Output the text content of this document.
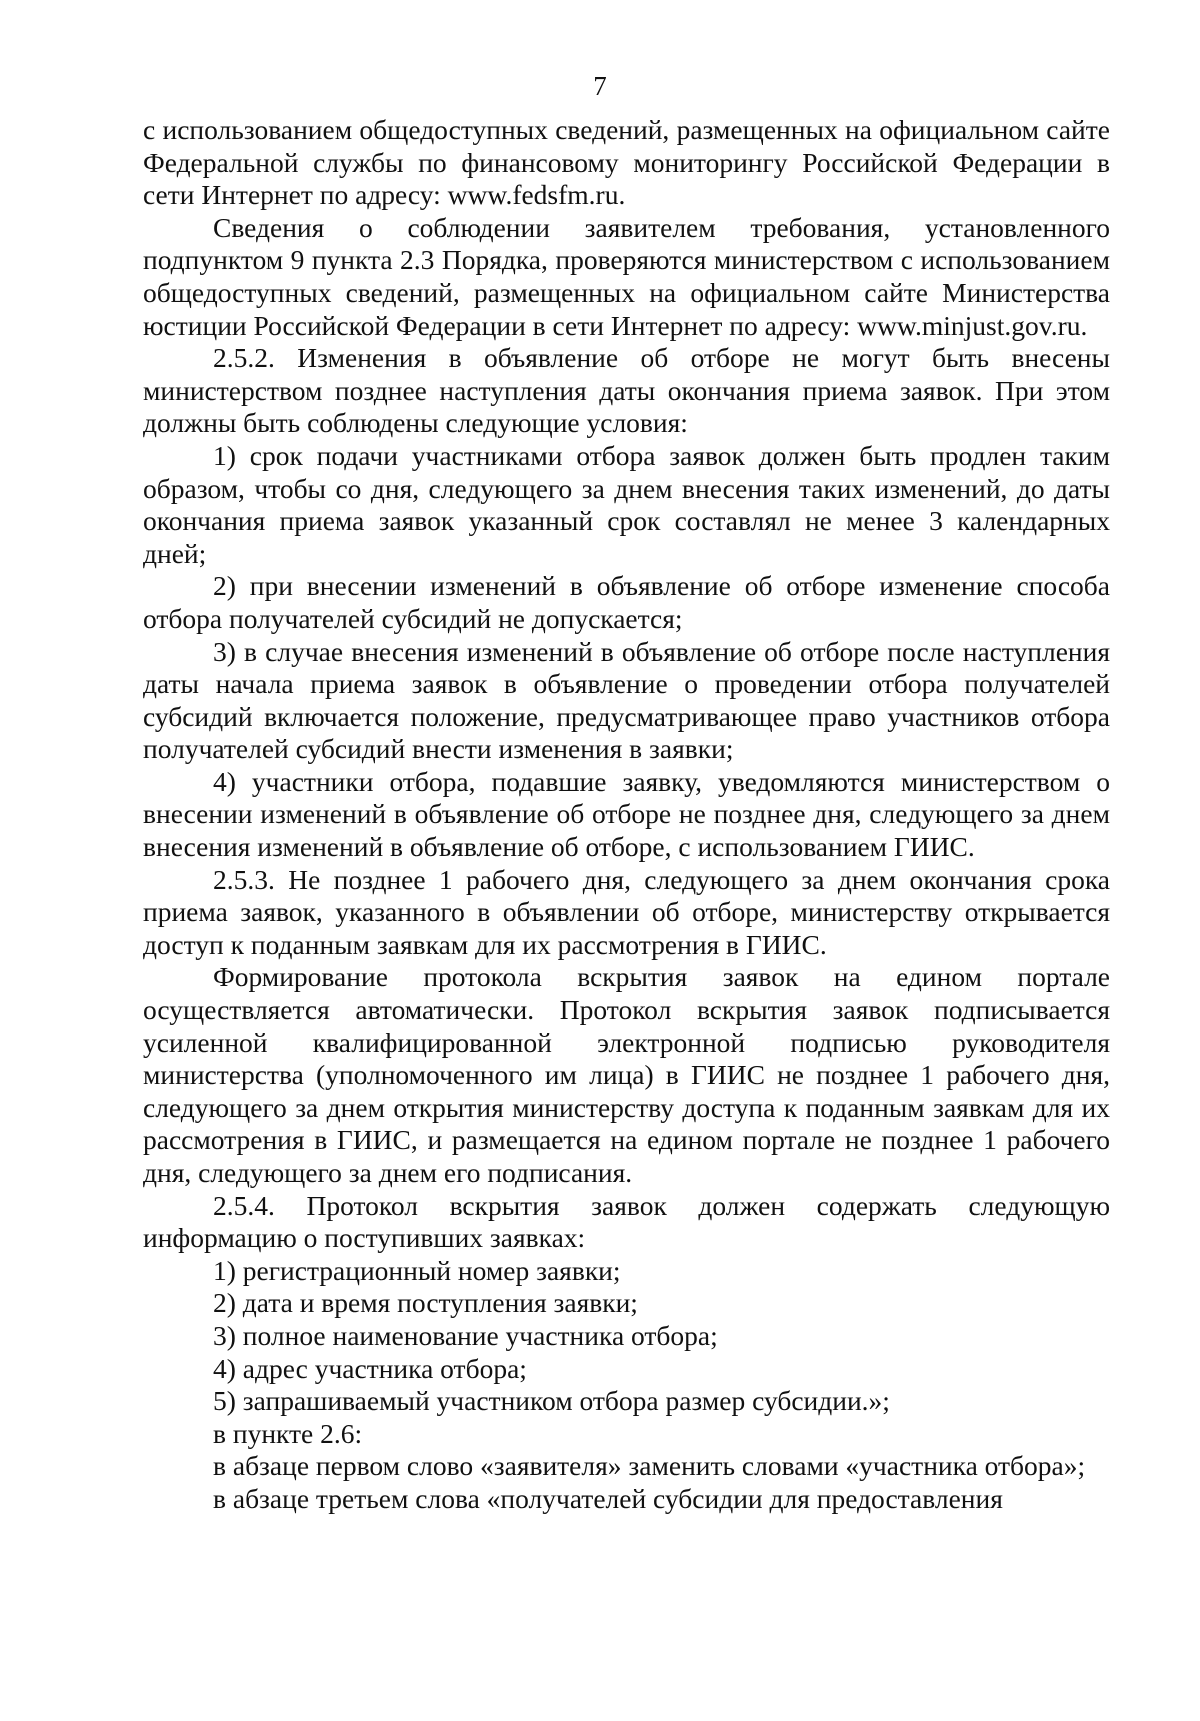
7

с использованием общедоступных сведений, размещенных на официальном сайте Федеральной службы по финансовому мониторингу Российской Федерации в сети Интернет по адресу: www.fedsfm.ru.

Сведения о соблюдении заявителем требования, установленного подпунктом 9 пункта 2.3 Порядка, проверяются министерством с использованием общедоступных сведений, размещенных на официальном сайте Министерства юстиции Российской Федерации в сети Интернет по адресу: www.minjust.gov.ru.

2.5.2. Изменения в объявление об отборе не могут быть внесены министерством позднее наступления даты окончания приема заявок. При этом должны быть соблюдены следующие условия:

1) срок подачи участниками отбора заявок должен быть продлен таким образом, чтобы со дня, следующего за днем внесения таких изменений, до даты окончания приема заявок указанный срок составлял не менее 3 календарных дней;

2) при внесении изменений в объявление об отборе изменение способа отбора получателей субсидий не допускается;

3) в случае внесения изменений в объявление об отборе после наступления даты начала приема заявок в объявление о проведении отбора получателей субсидий включается положение, предусматривающее право участников отбора получателей субсидий внести изменения в заявки;

4) участники отбора, подавшие заявку, уведомляются министерством о внесении изменений в объявление об отборе не позднее дня, следующего за днем внесения изменений в объявление об отборе, с использованием ГИИС.

2.5.3. Не позднее 1 рабочего дня, следующего за днем окончания срока приема заявок, указанного в объявлении об отборе, министерству открывается доступ к поданным заявкам для их рассмотрения в ГИИС.

Формирование протокола вскрытия заявок на едином портале осуществляется автоматически. Протокол вскрытия заявок подписывается усиленной квалифицированной электронной подписью руководителя министерства (уполномоченного им лица) в ГИИС не позднее 1 рабочего дня, следующего за днем открытия министерству доступа к поданным заявкам для их рассмотрения в ГИИС, и размещается на едином портале не позднее 1 рабочего дня, следующего за днем его подписания.

2.5.4. Протокол вскрытия заявок должен содержать следующую информацию о поступивших заявках:

1) регистрационный номер заявки;

2) дата и время поступления заявки;

3) полное наименование участника отбора;

4) адрес участника отбора;

5) запрашиваемый участником отбора размер субсидии.»;

в пункте 2.6:

в абзаце первом слово «заявителя» заменить словами «участника отбора»;

в абзаце третьем слова «получателей субсидии для предоставления
